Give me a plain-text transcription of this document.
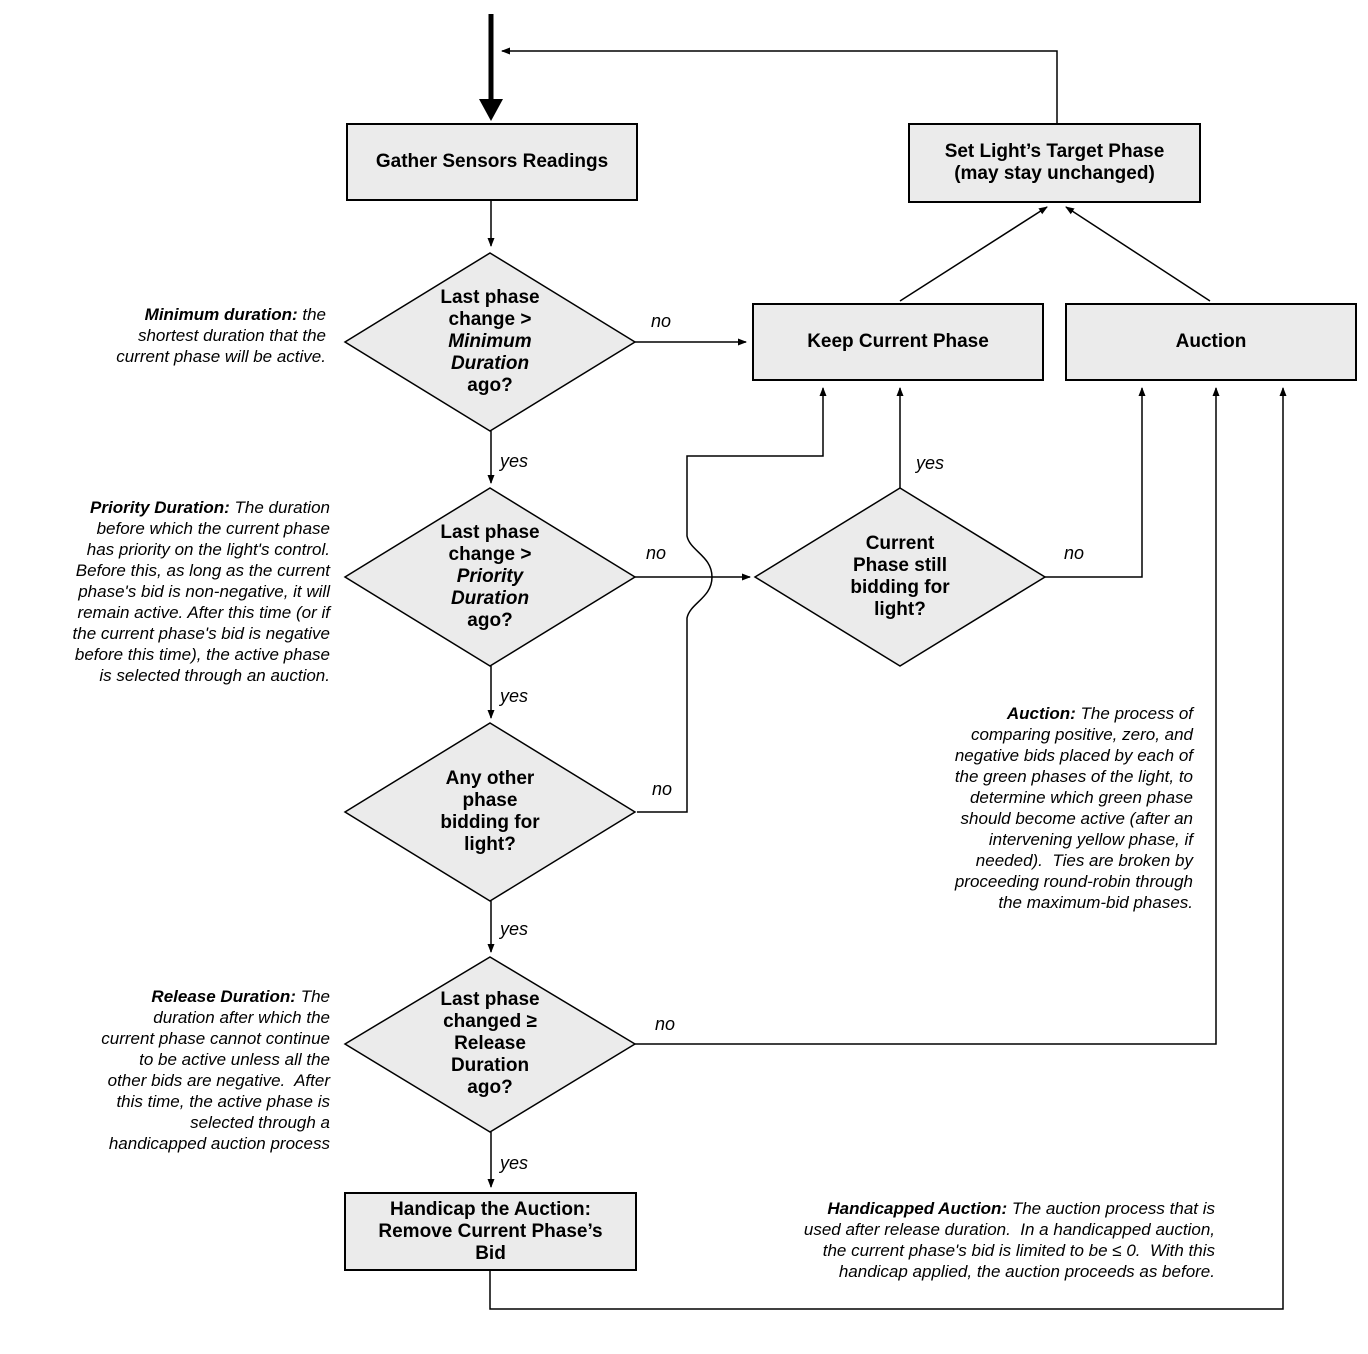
Gather Sensors Readings	Set Light’s Target Phase
(may stay unchanged)
Keep Current Phase	Auction
Handicap the Auction:
Remove Current Phase’s
Bid
Last phase
change >
Minimum
Duration
ago?
Last phase
change >
Priority
Duration
ago?
Current
Phase still
bidding for
light?
Any other
phase
bidding for
light?
Last phase
changed ≥
Release
Duration
ago?
no
yes
no
yes
no
yes
yes
no
no
yes
Minimum duration: the
shortest duration that the
current phase will be active.
Priority Duration: The duration
before which the current phase
has priority on the light's control.
Before this, as long as the current
phase's bid is non-negative, it will
remain active. After this time (or if
the current phase's bid is negative
before this time), the active phase
is selected through an auction.
Auction: The process of
comparing positive, zero, and
negative bids placed by each of
the green phases of the light, to
determine which green phase
should become active (after an
intervening yellow phase, if
needed).  Ties are broken by
proceeding round-robin through
the maximum-bid phases.
Release Duration: The
duration after which the
current phase cannot continue
to be active unless all the
other bids are negative.  After
this time, the active phase is
selected through a
handicapped auction process
Handicapped Auction: The auction process that is
used after release duration.  In a handicapped auction,
the current phase's bid is limited to be ≤ 0.  With this
handicap applied, the auction proceeds as before.
